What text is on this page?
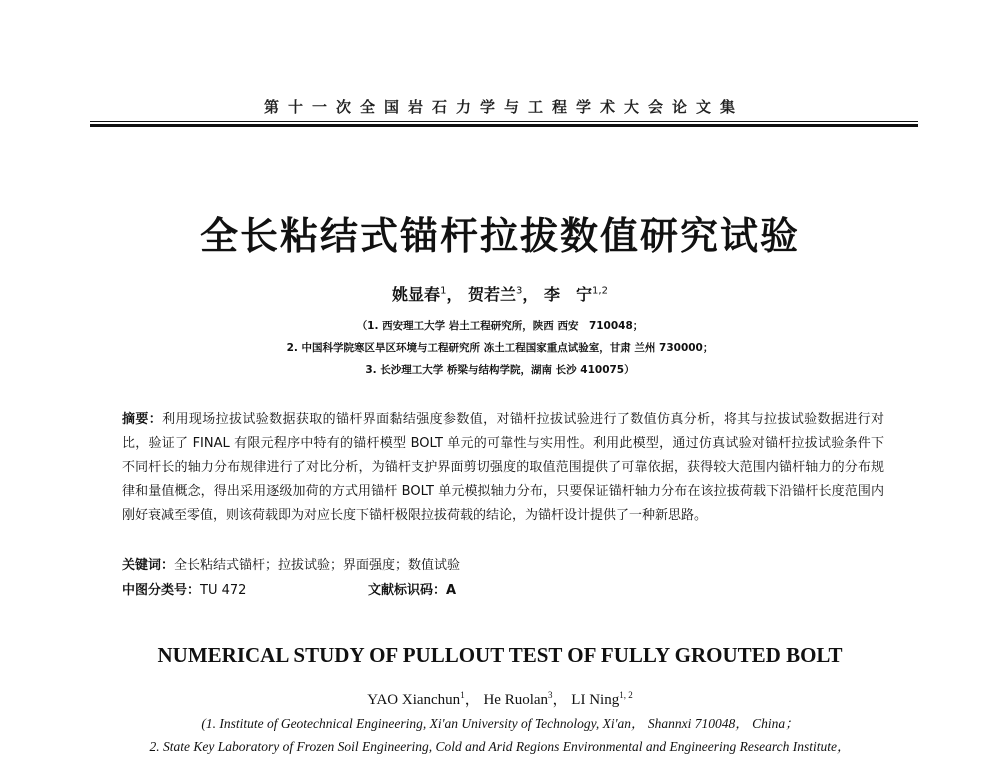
第十一次全国岩石力学与工程学术大会论文集
全长粘结式锚杆拉拔数值研究试验
姚显春$^1$， 贺若兰$^3$， 李　宁$^{1,2}$
（1. 西安理工大学 岩土工程研究所，陕西 西安　710048；
2. 中国科学院寒区旱区环境与工程研究所 冻土工程国家重点试验室，甘肃 兰州 730000；
3. 长沙理工大学 桥梁与结构学院，湖南 长沙 410075）
摘要：利用现场拉拔试验数据获取的锚杆界面黏结强度参数值，对锚杆拉拔试验进行了数值仿真分析，将其与拉拔试验数据进行对比，验证了 FINAL 有限元程序中特有的锚杆模型 BOLT 单元的可靠性与实用性。利用此模型，通过仿真试验对锚杆拉拔试验条件下不同杆长的轴力分布规律进行了对比分析，为锚杆支护界面剪切强度的取值范围提供了可靠依据，获得较大范围内锚杆轴力的分布规律和量值概念，得出采用逐级加荷的方式用锚杆 BOLT 单元模拟轴力分布，只要保证锚杆轴力分布在该拉拔荷载下沿锚杆长度范围内刚好衰减至零值，则该荷载即为对应长度下锚杆极限拉拔荷载的结论，为锚杆设计提供了一种新思路。
关键词：全长粘结式锚杆；拉拔试验；界面强度；数值试验
中图分类号：TU 472	文献标识码：A
NUMERICAL STUDY OF PULLOUT TEST OF FULLY GROUTED BOLT
YAO Xianchun$^1$， He Ruolan$^3$， LI Ning$^{1, 2}$
(1. Institute of Geotechnical Engineering, Xi'an University of Technology, Xi'an， Shannxi 710048， China；
2. State Key Laboratory of Frozen Soil Engineering, Cold and Arid Regions Environmental and Engineering Research Institute，
